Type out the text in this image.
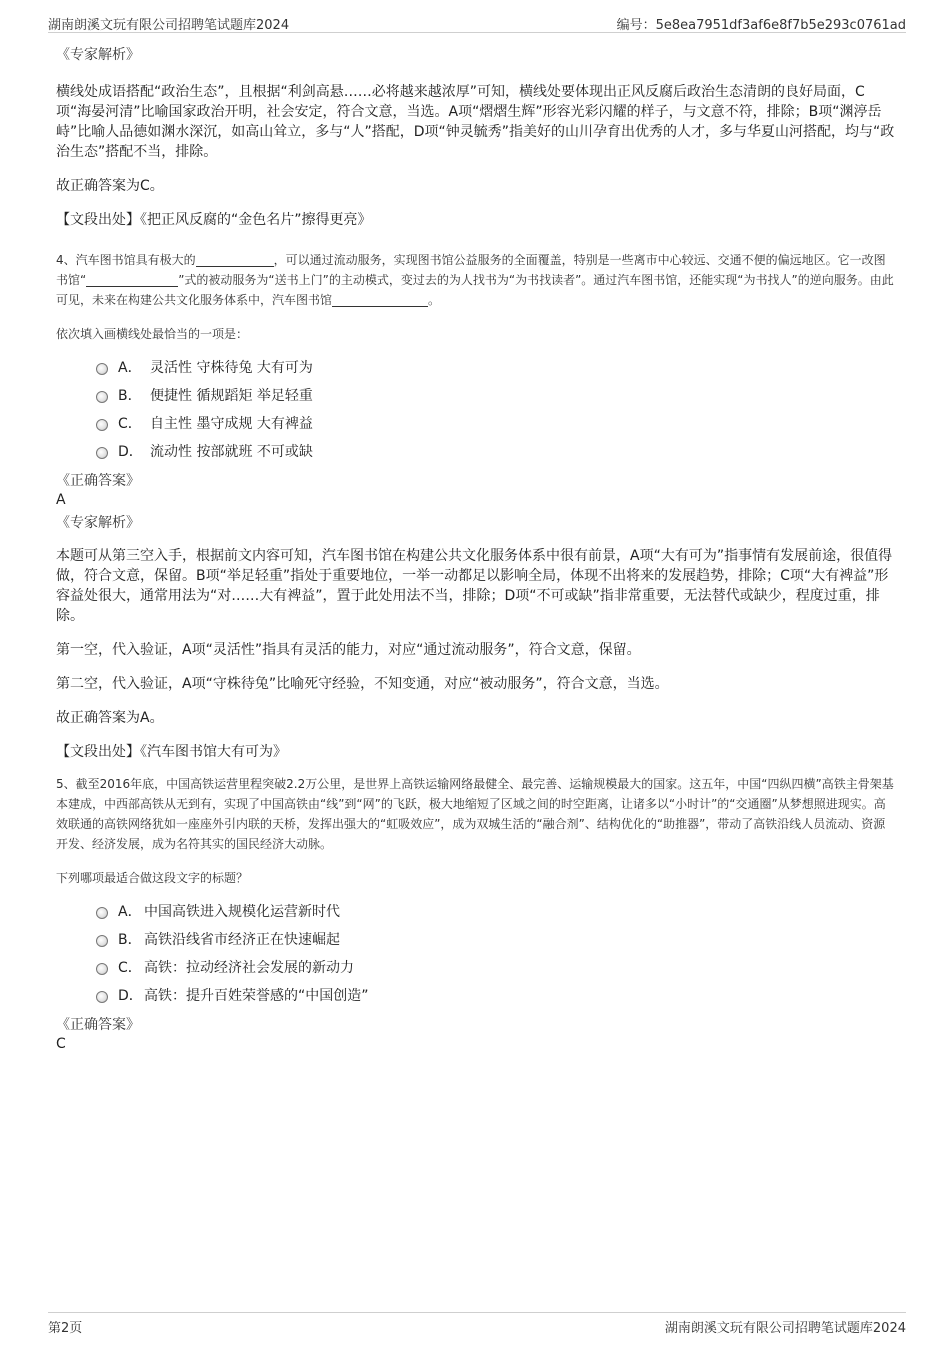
湖南朗溪文玩有限公司招聘笔试题库2024	编号：5e8ea7951df3af6e8f7b5e293c0761ad

《专家解析》

横线处成语搭配“政治生态”，且根据“利剑高悬……必将越来越浓厚”可知，横线处要体现出正风反腐后政治生态清朗的良好局面，C项“海晏河清”比喻国家政治开明，社会安定，符合文意，当选。A项“熠熠生辉”形容光彩闪耀的样子，与文意不符，排除；B项“渊渟岳峙”比喻人品德如渊水深沉，如高山耸立，多与“人”搭配，D项“钟灵毓秀”指美好的山川孕育出优秀的人才，多与华夏山河搭配，均与“政治生态”搭配不当，排除。

故正确答案为C。

【文段出处】《把正风反腐的“金色名片”擦得更亮》

4、汽车图书馆具有极大的	，可以通过流动服务，实现图书馆公益服务的全面覆盖，特别是一些离市中心较远、交通不便的偏远地区。它一改图书馆“	”式的被动服务为“送书上门”的主动模式，变过去的为人找书为“为书找读者”。通过汽车图书馆，还能实现“为书找人”的逆向服务。由此可见，未来在构建公共文化服务体系中，汽车图书馆	。

依次填入画横线处最恰当的一项是：

A． 灵活性 守株待兔 大有可为
B． 便捷性 循规蹈矩 举足轻重
C． 自主性 墨守成规 大有裨益
D． 流动性 按部就班 不可或缺

《正确答案》

A

《专家解析》

本题可从第三空入手，根据前文内容可知，汽车图书馆在构建公共文化服务体系中很有前景，A项“大有可为”指事情有发展前途，很值得做，符合文意，保留。B项“举足轻重”指处于重要地位，一举一动都足以影响全局，体现不出将来的发展趋势，排除；C项“大有裨益”形容益处很大，通常用法为“对……大有裨益”，置于此处用法不当，排除；D项“不可或缺”指非常重要，无法替代或缺少，程度过重，排除。

第一空，代入验证，A项“灵活性”指具有灵活的能力，对应“通过流动服务”，符合文意，保留。

第二空，代入验证，A项“守株待兔”比喻死守经验，不知变通，对应“被动服务”，符合文意，当选。

故正确答案为A。

【文段出处】《汽车图书馆大有可为》

5、截至2016年底，中国高铁运营里程突破2.2万公里，是世界上高铁运输网络最健全、最完善、运输规模最大的国家。这五年，中国“四纵四横”高铁主骨架基本建成，中西部高铁从无到有，实现了中国高铁由“线”到“网”的飞跃，极大地缩短了区域之间的时空距离，让诸多以“小时计”的“交通圈”从梦想照进现实。高效联通的高铁网络犹如一座座外引内联的天桥，发挥出强大的“虹吸效应”，成为双城生活的“融合剂”、结构优化的“助推器”，带动了高铁沿线人员流动、资源开发、经济发展，成为名符其实的国民经济大动脉。

下列哪项最适合做这段文字的标题？

A． 中国高铁进入规模化运营新时代
B． 高铁沿线省市经济正在快速崛起
C． 高铁：拉动经济社会发展的新动力
D．高铁：提升百姓荣誉感的“中国创造”

《正确答案》

C

第2页	湖南朗溪文玩有限公司招聘笔试题库2024
